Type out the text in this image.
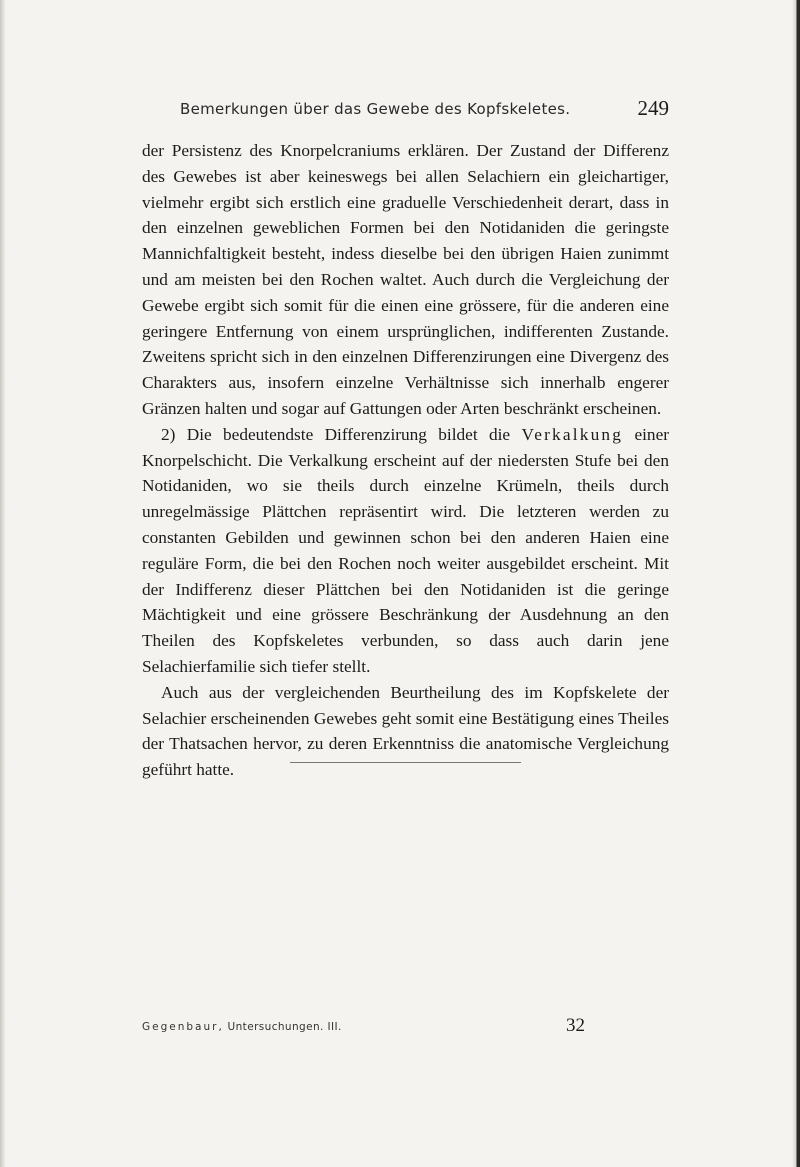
Bemerkungen über das Gewebe des Kopfskeletes.	249

der Persistenz des Knorpelcraniums erklären. Der Zustand der Differenz des Gewebes ist aber keineswegs bei allen Selachiern ein gleichartiger, vielmehr ergibt sich erstlich eine graduelle Verschiedenheit derart, dass in den einzelnen geweblichen Formen bei den Notidaniden die geringste Mannichfaltigkeit besteht, indess dieselbe bei den übrigen Haien zunimmt und am meisten bei den Rochen waltet. Auch durch die Vergleichung der Gewebe ergibt sich somit für die einen eine grössere, für die anderen eine geringere Entfernung von einem ursprünglichen, indifferenten Zustande. Zweitens spricht sich in den einzelnen Differenzirungen eine Divergenz des Charakters aus, insofern einzelne Verhältnisse sich innerhalb engerer Gränzen halten und sogar auf Gattungen oder Arten beschränkt erscheinen.

2) Die bedeutendste Differenzirung bildet die Verkalkung einer Knorpelschicht. Die Verkalkung erscheint auf der niedersten Stufe bei den Notidaniden, wo sie theils durch einzelne Krümeln, theils durch unregelmässige Plättchen repräsentirt wird. Die letzteren werden zu constanten Gebilden und gewinnen schon bei den anderen Haien eine reguläre Form, die bei den Rochen noch weiter ausgebildet erscheint. Mit der Indifferenz dieser Plättchen bei den Notidaniden ist die geringe Mächtigkeit und eine grössere Beschränkung der Ausdehnung an den Theilen des Kopfskeletes verbunden, so dass auch darin jene Selachierfamilie sich tiefer stellt.

Auch aus der vergleichenden Beurtheilung des im Kopfskelete der Selachier erscheinenden Gewebes geht somit eine Bestätigung eines Theiles der Thatsachen hervor, zu deren Erkenntniss die anatomische Vergleichung geführt hatte.

Gegenbaur, Untersuchungen. III.	32
